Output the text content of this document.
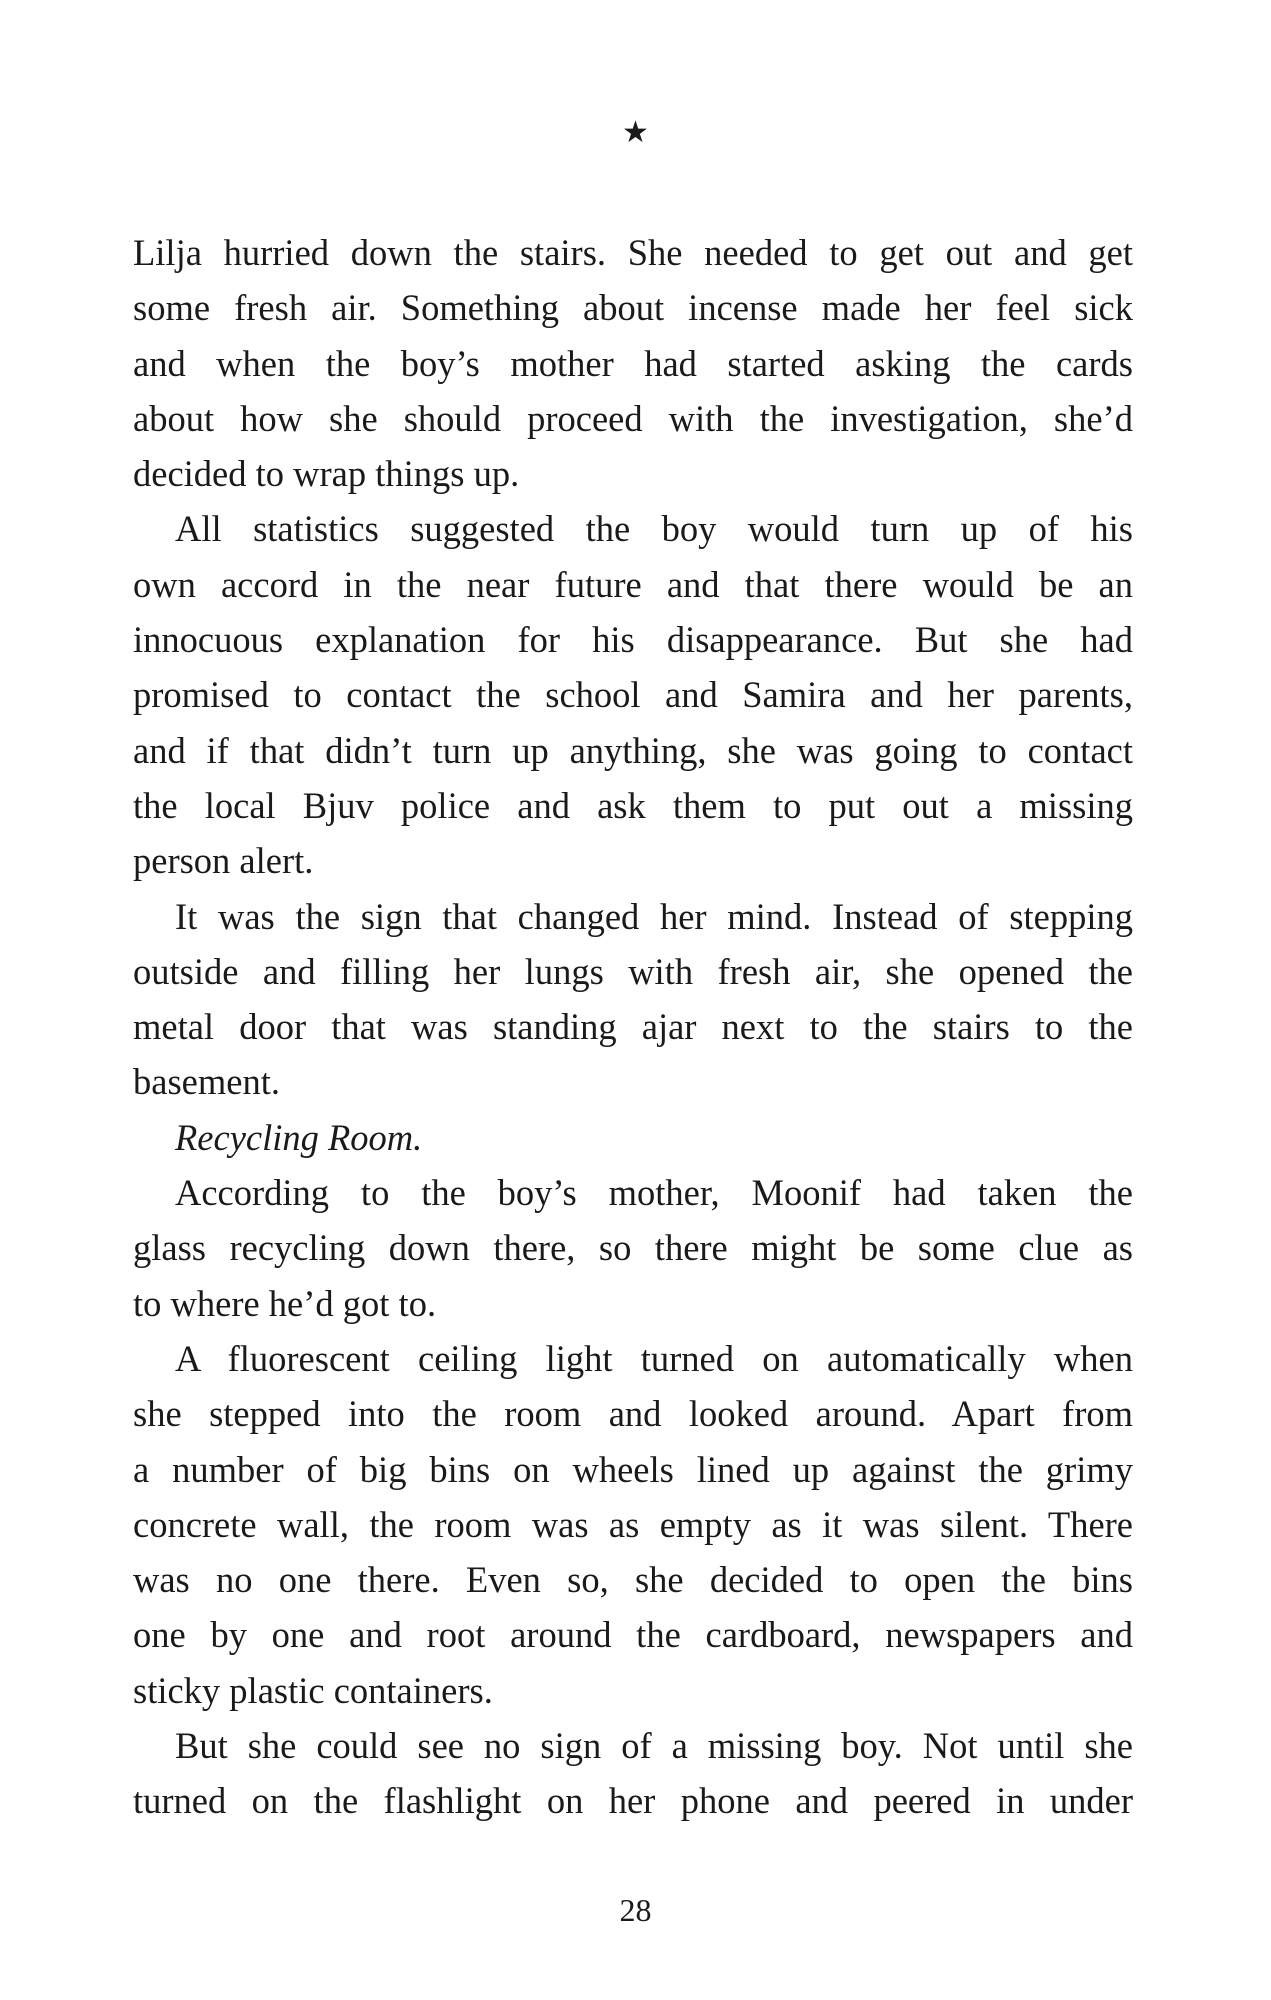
★
Lilja hurried down the stairs. She needed to get out and get
some fresh air. Something about incense made her feel sick
and when the boy’s mother had started asking the cards
about how she should proceed with the investigation, she’d
decided to wrap things up.
All statistics suggested the boy would turn up of his
own accord in the near future and that there would be an
innocuous explanation for his disappearance. But she had
promised to contact the school and Samira and her parents,
and if that didn’t turn up anything, she was going to contact
the local Bjuv police and ask them to put out a missing
person alert.
It was the sign that changed her mind. Instead of stepping
outside and filling her lungs with fresh air, she opened the
metal door that was standing ajar next to the stairs to the
basement.
Recycling Room.
According to the boy’s mother, Moonif had taken the
glass recycling down there, so there might be some clue as
to where he’d got to.
A fluorescent ceiling light turned on automatically when
she stepped into the room and looked around. Apart from
a number of big bins on wheels lined up against the grimy
concrete wall, the room was as empty as it was silent. There
was no one there. Even so, she decided to open the bins
one by one and root around the cardboard, newspapers and
sticky plastic containers.
But she could see no sign of a missing boy. Not until she
turned on the flashlight on her phone and peered in under
28
